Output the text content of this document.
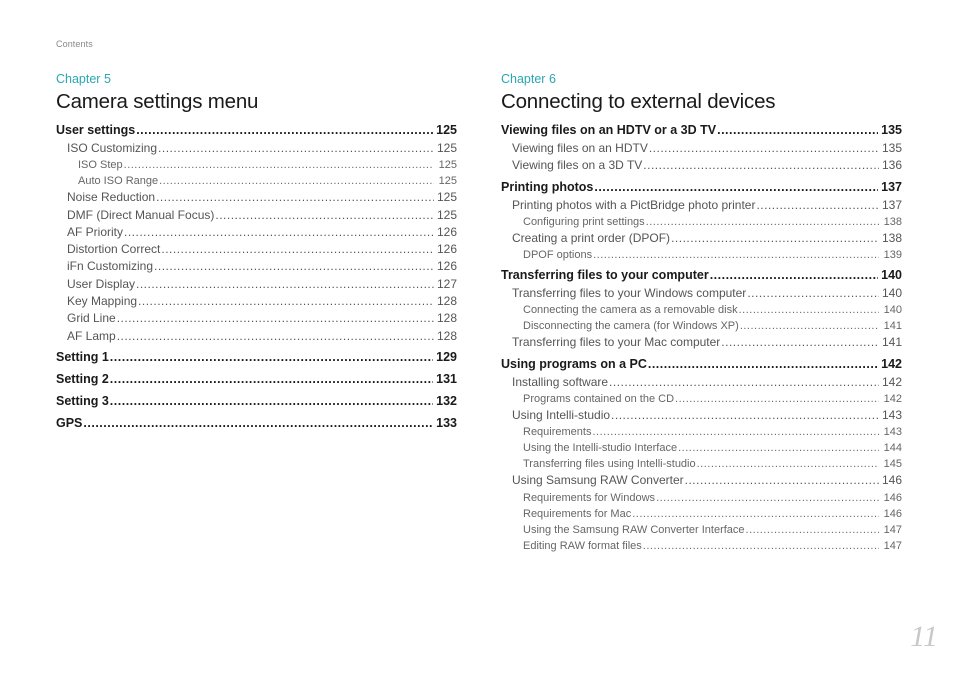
Contents
Chapter 5
Camera settings menu
User settings .....	125
ISO Customizing .....	125
ISO Step .....	125
Auto ISO Range .....	125
Noise Reduction .....	125
DMF (Direct Manual Focus) .....	125
AF Priority .....	126
Distortion Correct .....	126
iFn Customizing .....	126
User Display .....	127
Key Mapping .....	128
Grid Line .....	128
AF Lamp .....	128
Setting 1 .....	129
Setting 2 .....	131
Setting 3 .....	132
GPS .....	133
Chapter 6
Connecting to external devices
Viewing files on an HDTV or a 3D TV .....	135
Viewing files on an HDTV .....	135
Viewing files on a 3D TV .....	136
Printing photos .....	137
Printing photos with a PictBridge photo printer .....	137
Configuring print settings .....	138
Creating a print order (DPOF) .....	138
DPOF options .....	139
Transferring files to your computer .....	140
Transferring files to your Windows computer .....	140
Connecting the camera as a removable disk .....	140
Disconnecting the camera (for Windows XP) .....	141
Transferring files to your Mac computer .....	141
Using programs on a PC .....	142
Installing software .....	142
Programs contained on the CD .....	142
Using Intelli-studio .....	143
Requirements .....	143
Using the Intelli-studio Interface .....	144
Transferring files using Intelli-studio .....	145
Using Samsung RAW Converter .....	146
Requirements for Windows .....	146
Requirements for Mac .....	146
Using the Samsung RAW Converter Interface .....	147
Editing RAW format files .....	147
11
